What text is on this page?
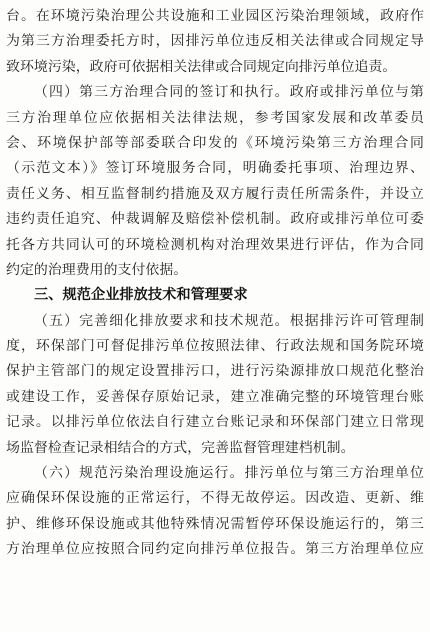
台。在环境污染治理公共设施和工业园区污染治理领域，政府作
为第三方治理委托方时，因排污单位违反相关法律或合同规定导
致环境污染，政府可依据相关法律或合同规定向排污单位追责。
（四）第三方治理合同的签订和执行。政府或排污单位与第
三方治理单位应依据相关法律法规，参考国家发展和改革委员
会、环境保护部等部委联合印发的《环境污染第三方治理合同
（示范文本）》签订环境服务合同，明确委托事项、治理边界、
责任义务、相互监督制约措施及双方履行责任所需条件，并设立
违约责任追究、仲裁调解及赔偿补偿机制。政府或排污单位可委
托各方共同认可的环境检测机构对治理效果进行评估，作为合同
约定的治理费用的支付依据。
三、规范企业排放技术和管理要求
（五）完善细化排放要求和技术规范。根据排污许可管理制
度，环保部门可督促排污单位按照法律、行政法规和国务院环境
保护主管部门的规定设置排污口，进行污染源排放口规范化整治
或建设工作，妥善保存原始记录，建立准确完整的环境管理台账
记录。以排污单位依法自行建立台账记录和环保部门建立日常现
场监督检查记录相结合的方式，完善监督管理建档机制。
（六）规范污染治理设施运行。排污单位与第三方治理单位
应确保环保设施的正常运行，不得无故停运。因改造、更新、维
护、维修环保设施或其他特殊情况需暂停环保设施运行的，第三
方治理单位应按照合同约定向排污单位报告。第三方治理单位应
